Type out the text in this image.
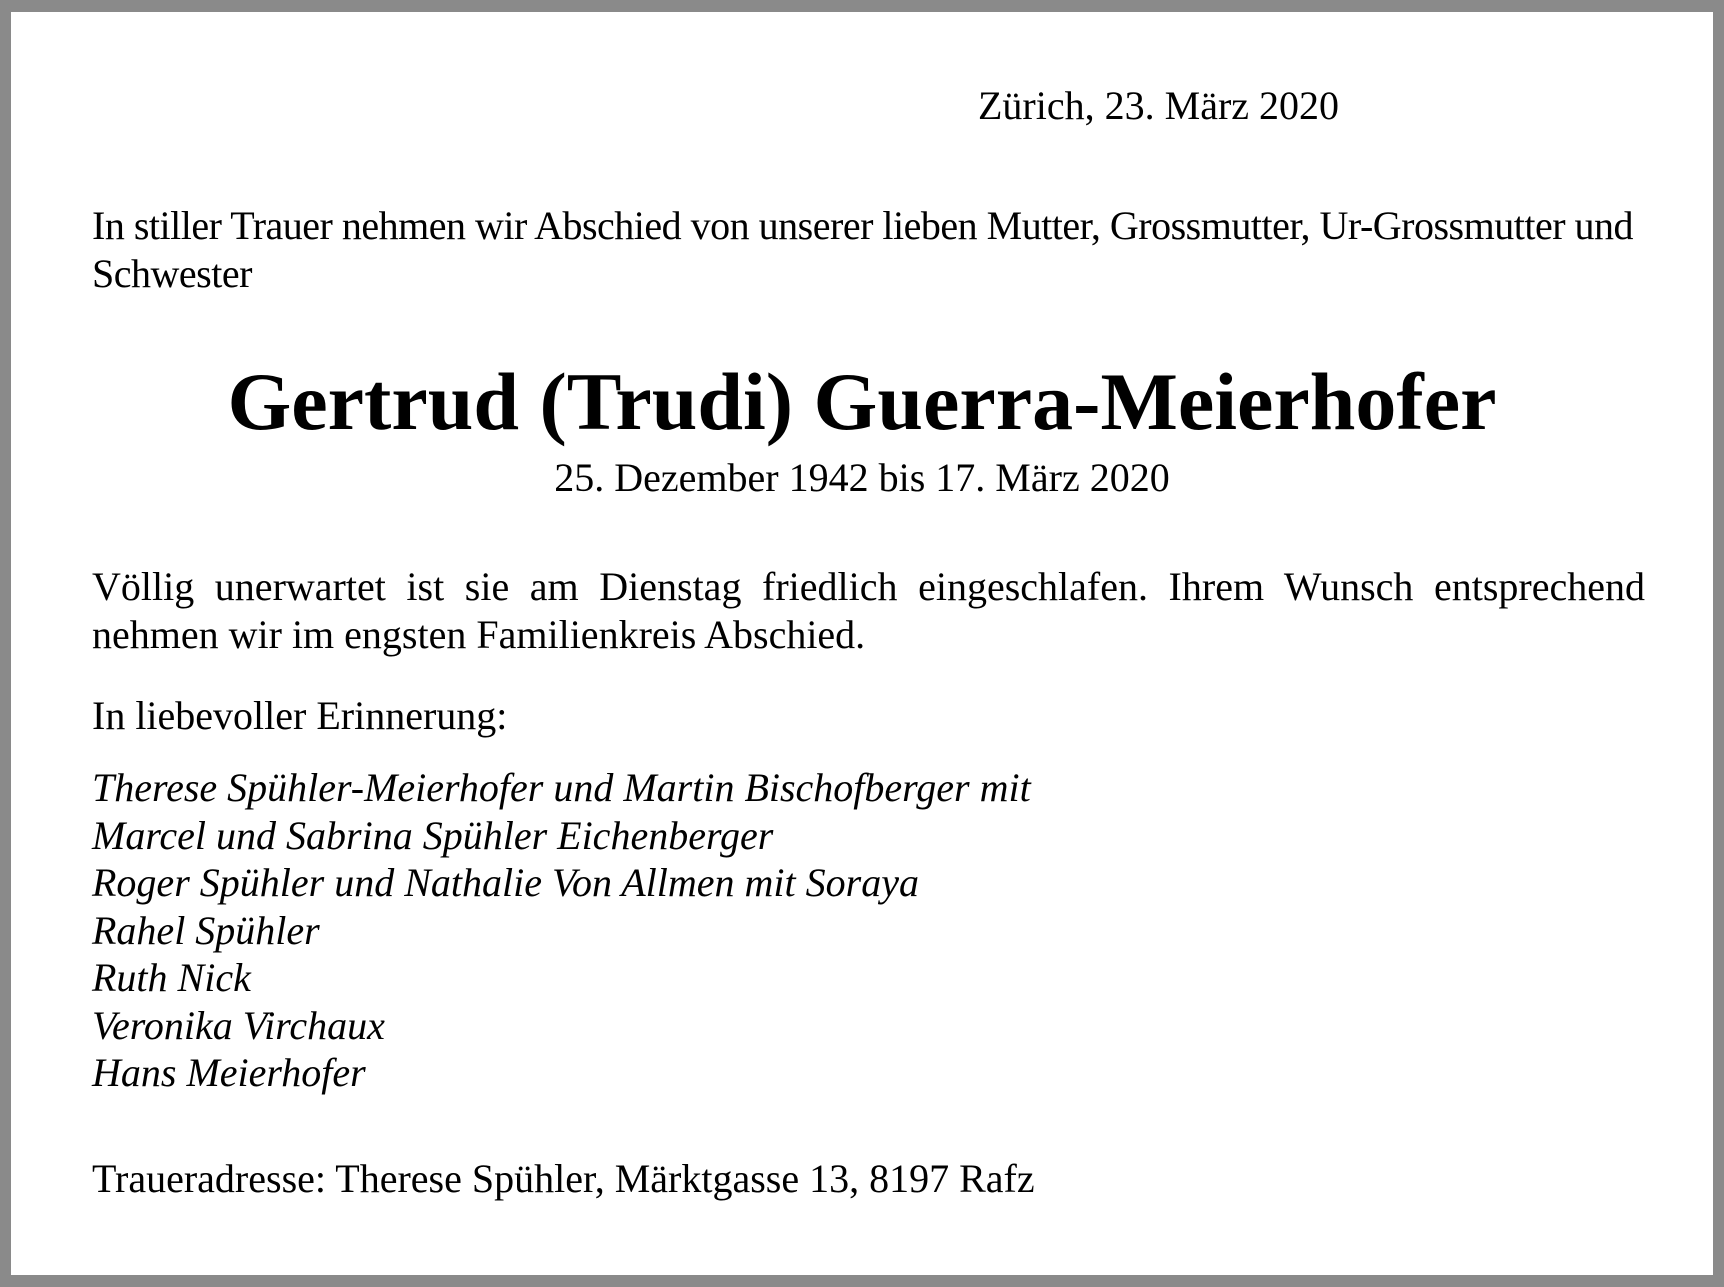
Zürich, 23. März 2020

In stiller Trauer nehmen wir Abschied von unserer lieben Mutter, Grossmutter, Ur-Grossmutter und Schwester

Gertrud (Trudi) Guerra-Meierhofer
25. Dezember 1942 bis 17. März 2020

Völlig unerwartet ist sie am Dienstag friedlich eingeschlafen. Ihrem Wunsch entsprechend nehmen wir im engsten Familienkreis Abschied.

In liebevoller Erinnerung:
Therese Spühler-Meierhofer und Martin Bischofberger mit
Marcel und Sabrina Spühler Eichenberger
Roger Spühler und Nathalie Von Allmen mit Soraya
Rahel Spühler
Ruth Nick
Veronika Virchaux
Hans Meierhofer
Traueradresse: Therese Spühler, Märktgasse 13, 8197 Rafz
